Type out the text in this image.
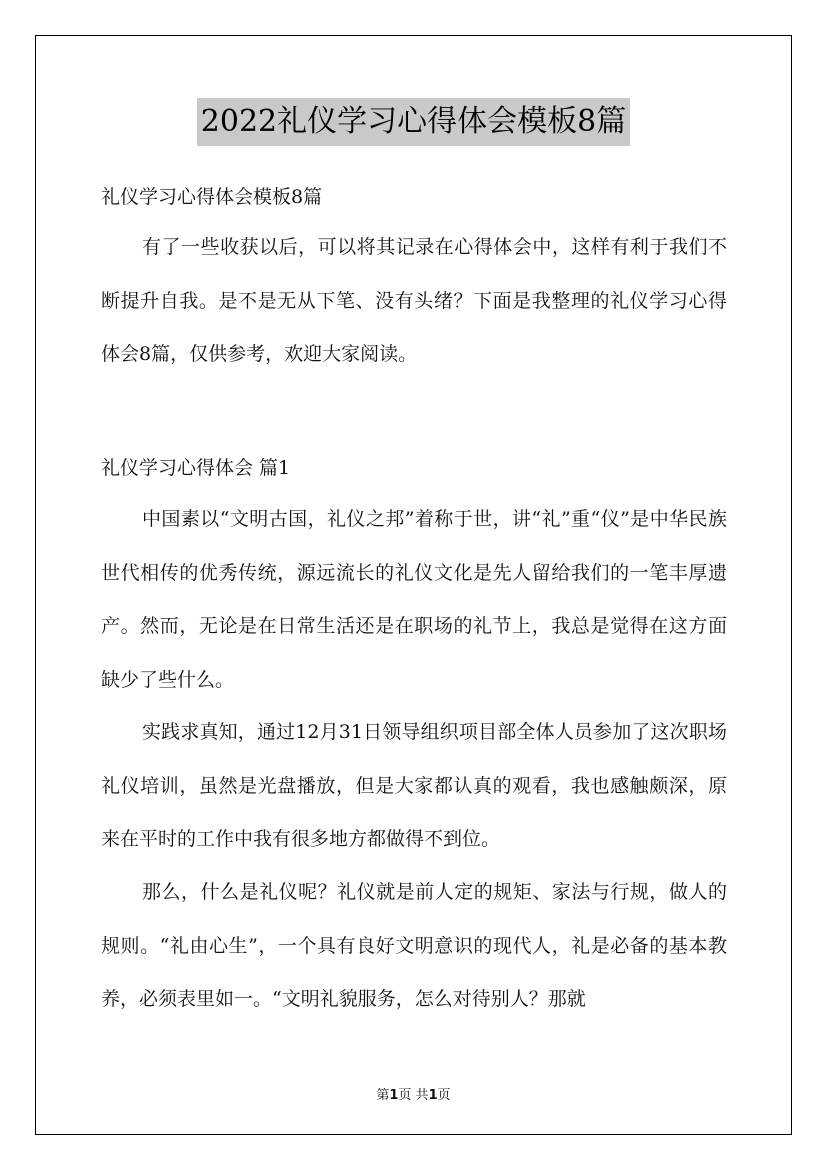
2022礼仪学习心得体会模板8篇
礼仪学习心得体会模板8篇

有了一些收获以后，可以将其记录在心得体会中，这样有利于我们不断提升自我。是不是无从下笔、没有头绪？下面是我整理的礼仪学习心得体会8篇，仅供参考，欢迎大家阅读。

礼仪学习心得体会 篇1

中国素以“文明古国，礼仪之邦”着称于世，讲“礼”重“仪”是中华民族世代相传的优秀传统，源远流长的礼仪文化是先人留给我们的一笔丰厚遗产。然而，无论是在日常生活还是在职场的礼节上，我总是觉得在这方面缺少了些什么。

实践求真知，通过12月31日领导组织项目部全体人员参加了这次职场礼仪培训，虽然是光盘播放，但是大家都认真的观看，我也感触颇深，原来在平时的工作中我有很多地方都做得不到位。

那么，什么是礼仪呢？礼仪就是前人定的规矩、家法与行规，做人的规则。“礼由心生”，一个具有良好文明意识的现代人，礼是必备的基本教养，必须表里如一。“文明礼貌服务，怎么对待别人？那就

第1页 共1页
